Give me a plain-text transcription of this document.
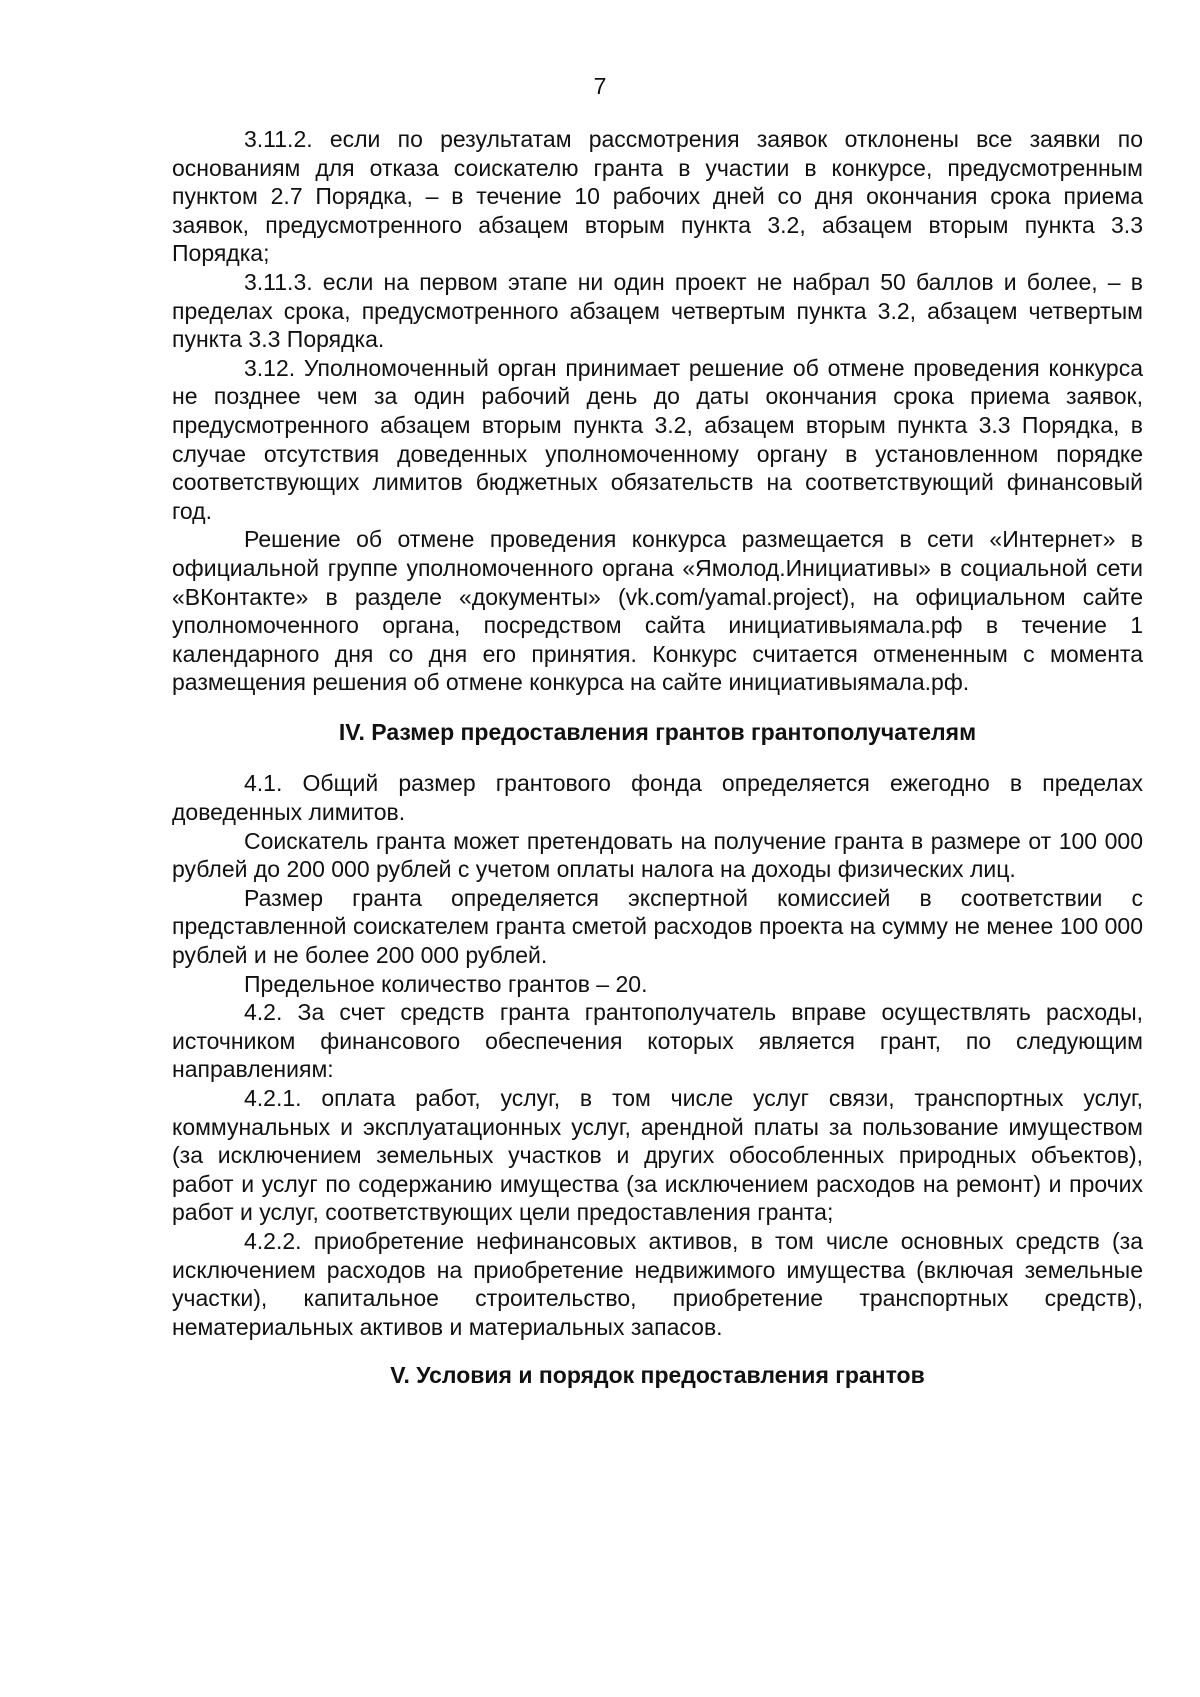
7

3.11.2. если по результатам рассмотрения заявок отклонены все заявки по основаниям для отказа соискателю гранта в участии в конкурсе, предусмотренным пунктом 2.7 Порядка, – в течение 10 рабочих дней со дня окончания срока приема заявок, предусмотренного абзацем вторым пункта 3.2, абзацем вторым пункта 3.3 Порядка;

3.11.3. если на первом этапе ни один проект не набрал 50 баллов и более, – в пределах срока, предусмотренного абзацем четвертым пункта 3.2, абзацем четвертым пункта 3.3 Порядка.

3.12. Уполномоченный орган принимает решение об отмене проведения конкурса не позднее чем за один рабочий день до даты окончания срока приема заявок, предусмотренного абзацем вторым пункта 3.2, абзацем вторым пункта 3.3 Порядка, в случае отсутствия доведенных уполномоченному органу в установленном порядке соответствующих лимитов бюджетных обязательств на соответствующий финансовый год.

Решение об отмене проведения конкурса размещается в сети «Интернет» в официальной группе уполномоченного органа «Ямолод.Инициативы» в социальной сети «ВКонтакте» в разделе «документы» (vk.com/yamal.project), на официальном сайте уполномоченного органа, посредством сайта инициативыямала.рф в течение 1 календарного дня со дня его принятия. Конкурс считается отмененным с момента размещения решения об отмене конкурса на сайте инициативыямала.рф.

IV. Размер предоставления грантов грантополучателям

4.1. Общий размер грантового фонда определяется ежегодно в пределах доведенных лимитов.

Соискатель гранта может претендовать на получение гранта в размере от 100 000 рублей до 200 000 рублей с учетом оплаты налога на доходы физических лиц.

Размер гранта определяется экспертной комиссией в соответствии с представленной соискателем гранта сметой расходов проекта на сумму не менее 100 000 рублей и не более 200 000 рублей.

Предельное количество грантов – 20.

4.2. За счет средств гранта грантополучатель вправе осуществлять расходы, источником финансового обеспечения которых является грант, по следующим направлениям:

4.2.1. оплата работ, услуг, в том числе услуг связи, транспортных услуг, коммунальных и эксплуатационных услуг, арендной платы за пользование имуществом (за исключением земельных участков и других обособленных природных объектов), работ и услуг по содержанию имущества (за исключением расходов на ремонт) и прочих работ и услуг, соответствующих цели предоставления гранта;

4.2.2. приобретение нефинансовых активов, в том числе основных средств (за исключением расходов на приобретение недвижимого имущества (включая земельные участки), капитальное строительство, приобретение транспортных средств), нематериальных активов и материальных запасов.

V. Условия и порядок предоставления грантов
